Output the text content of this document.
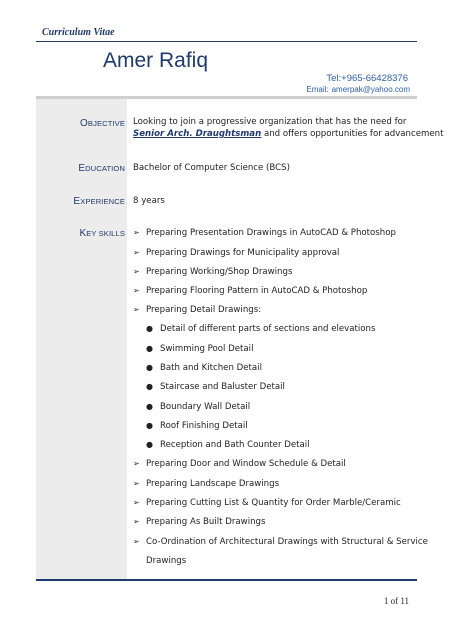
Curriculum Vitae
Amer Rafiq
Tel:+965-66428376
Email: amerpak@yahoo.com
OBJECTIVE Looking to join a progressive organization that has the need for
Senior Arch. Draughtsman and offers opportunities for advancement
EDUCATION Bachelor of Computer Science (BCS)
EXPERIENCE 8 years
KEY SKILLS ➢ Preparing Presentation Drawings in AutoCAD & Photoshop
➢ Preparing Drawings for Municipality approval
➢ Preparing Working/Shop Drawings
➢ Preparing Flooring Pattern in AutoCAD & Photoshop
➢ Preparing Detail Drawings:
● Detail of different parts of sections and elevations
● Swimming Pool Detail
● Bath and Kitchen Detail
● Staircase and Baluster Detail
● Boundary Wall Detail
● Roof Finishing Detail
● Reception and Bath Counter Detail
➢ Preparing Door and Window Schedule & Detail
➢ Preparing Landscape Drawings
➢ Preparing Cutting List & Quantity for Order Marble/Ceramic
➢ Preparing As Built Drawings
➢ Co-Ordination of Architectural Drawings with Structural & Service
Drawings
1 of 11
